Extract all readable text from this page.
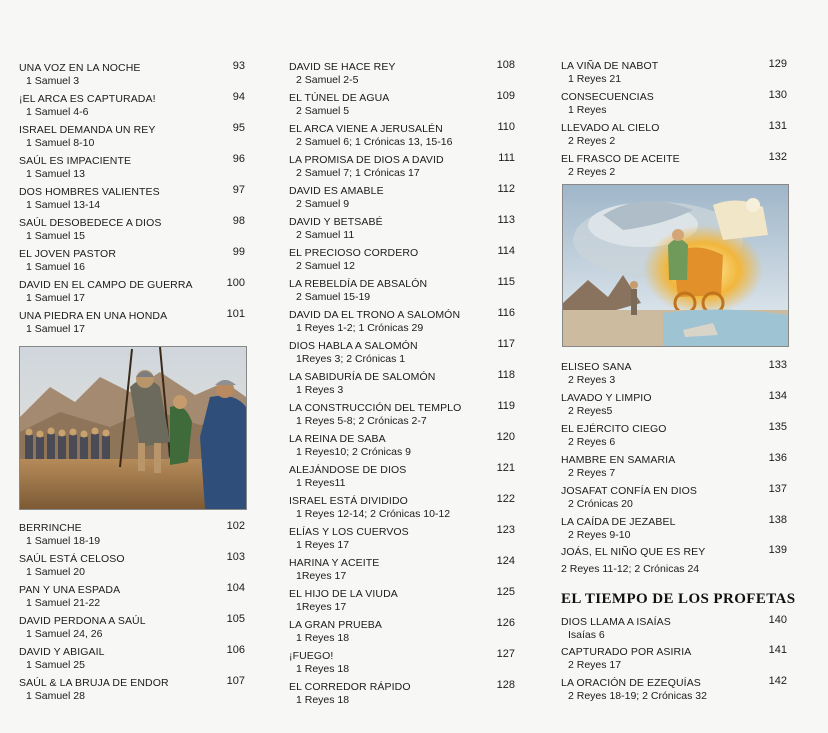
UNA VOZ EN LA NOCHE
1 Samuel 3
93
¡EL ARCA ES CAPTURADA!
1 Samuel 4-6
94
ISRAEL DEMANDA UN REY
1 Samuel 8-10
95
SAÚL ES IMPACIENTE
1 Samuel 13
96
DOS HOMBRES VALIENTES
1 Samuel 13-14
97
SAÚL DESOBEDECE A DIOS
1 Samuel 15
98
EL JOVEN PASTOR
1 Samuel 16
99
DAVID EN EL CAMPO DE GUERRA
1 Samuel 17
100
UNA PIEDRA EN UNA HONDA
1 Samuel 17
101
BERRINCHE
1 Samuel 18-19
102
SAÚL ESTÁ CELOSO
1 Samuel 20
103
PAN Y UNA ESPADA
1 Samuel 21-22
104
DAVID PERDONA A SAÚL
1 Samuel 24, 26
105
DAVID Y ABIGAIL
1 Samuel 25
106
SAÚL & LA BRUJA DE ENDOR
1 Samuel 28
107
DAVID SE HACE REY
2 Samuel 2-5
108
EL TÚNEL DE AGUA
2 Samuel 5
109
EL ARCA VIENE A JERUSALÉN
2 Samuel 6; 1 Crónicas 13, 15-16
110
LA PROMISA DE DIOS A DAVID
2 Samuel 7; 1 Crónicas 17
111
DAVID ES AMABLE
2 Samuel 9
112
DAVID Y BETSABÉ
2 Samuel 11
113
EL PRECIOSO CORDERO
2 Samuel 12
114
LA REBELDÍA DE ABSALÓN
2 Samuel 15-19
115
DAVID DA EL TRONO A SALOMÓN
1 Reyes 1-2; 1 Crónicas 29
116
DIOS HABLA A SALOMÓN
1Reyes 3; 2 Crónicas 1
117
LA SABIDURÍA DE SALOMÓN
1 Reyes 3
118
LA CONSTRUCCIÓN DEL TEMPLO
1 Reyes 5-8; 2 Crónicas 2-7
119
LA REINA DE SABA
1 Reyes10; 2 Crónicas 9
120
ALEJÁNDOSE DE DIOS
1 Reyes11
121
ISRAEL ESTÁ DIVIDIDO
1 Reyes 12-14; 2 Crónicas 10-12
122
ELÍAS Y LOS CUERVOS
1 Reyes 17
123
HARINA Y ACEITE
1Reyes 17
124
EL HIJO DE LA VIUDA
1Reyes 17
125
LA GRAN PRUEBA
1 Reyes 18
126
¡FUEGO!
1 Reyes 18
127
EL CORREDOR RÁPIDO
1 Reyes 18
128
LA VIÑA DE NABOT
1 Reyes 21
129
CONSECUENCIAS
1 Reyes
130
LLEVADO AL CIELO
2 Reyes 2
131
EL FRASCO DE ACEITE
2 Reyes 2
132
ELISEO SANA
2 Reyes 3
133
LAVADO Y LIMPIO
2 Reyes5
134
EL EJÉRCITO CIEGO
2 Reyes 6
135
HAMBRE EN SAMARIA
2 Reyes 7
136
JOSAFAT CONFÍA EN DIOS
2 Crónicas 20
137
LA CAÍDA DE JEZABEL
2 Reyes 9-10
138
JOÁS, EL NIÑO QUE ES REY
2 Reyes 11-12; 2 Crónicas 24
139
EL TIEMPO DE LOS PROFETAS
DIOS LLAMA A ISAÍAS
Isaías 6
140
CAPTURADO POR ASIRIA
2 Reyes 17
141
LA ORACIÓN DE EZEQUÍAS
2 Reyes 18-19; 2 Crónicas 32
142
